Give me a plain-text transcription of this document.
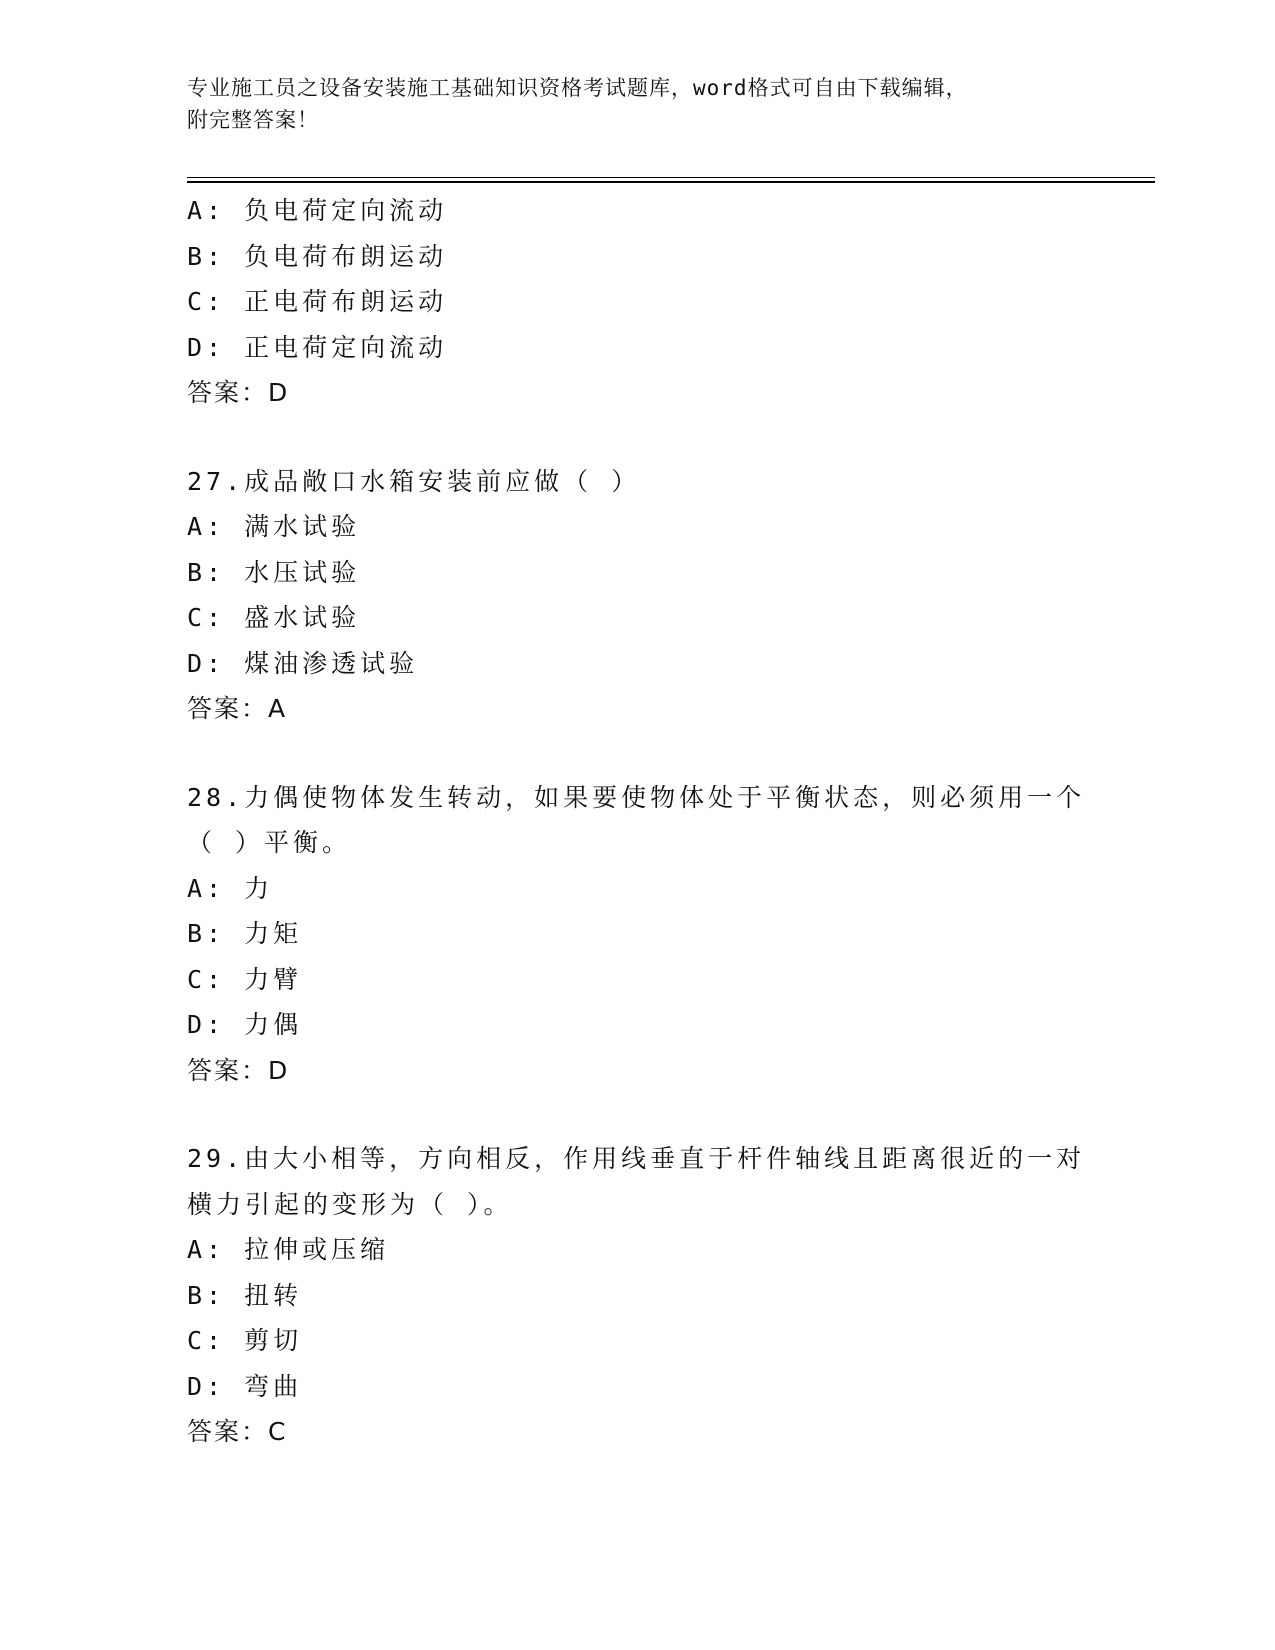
专业施工员之设备安装施工基础知识资格考试题库，word格式可自由下载编辑，
附完整答案！
A: 负电荷定向流动
B: 负电荷布朗运动
C: 正电荷布朗运动
D: 正电荷定向流动
答案：D
27.成品敞口水箱安装前应做（ ）
A: 满水试验
B: 水压试验
C: 盛水试验
D: 煤油渗透试验
答案：A
28.力偶使物体发生转动，如果要使物体处于平衡状态，则必须用一个（ ）平衡。
A: 力
B: 力矩
C: 力臂
D: 力偶
答案：D
29.由大小相等，方向相反，作用线垂直于杆件轴线且距离很近的一对横力引起的变形为（ ）。
A: 拉伸或压缩
B: 扭转
C: 剪切
D: 弯曲
答案：C
